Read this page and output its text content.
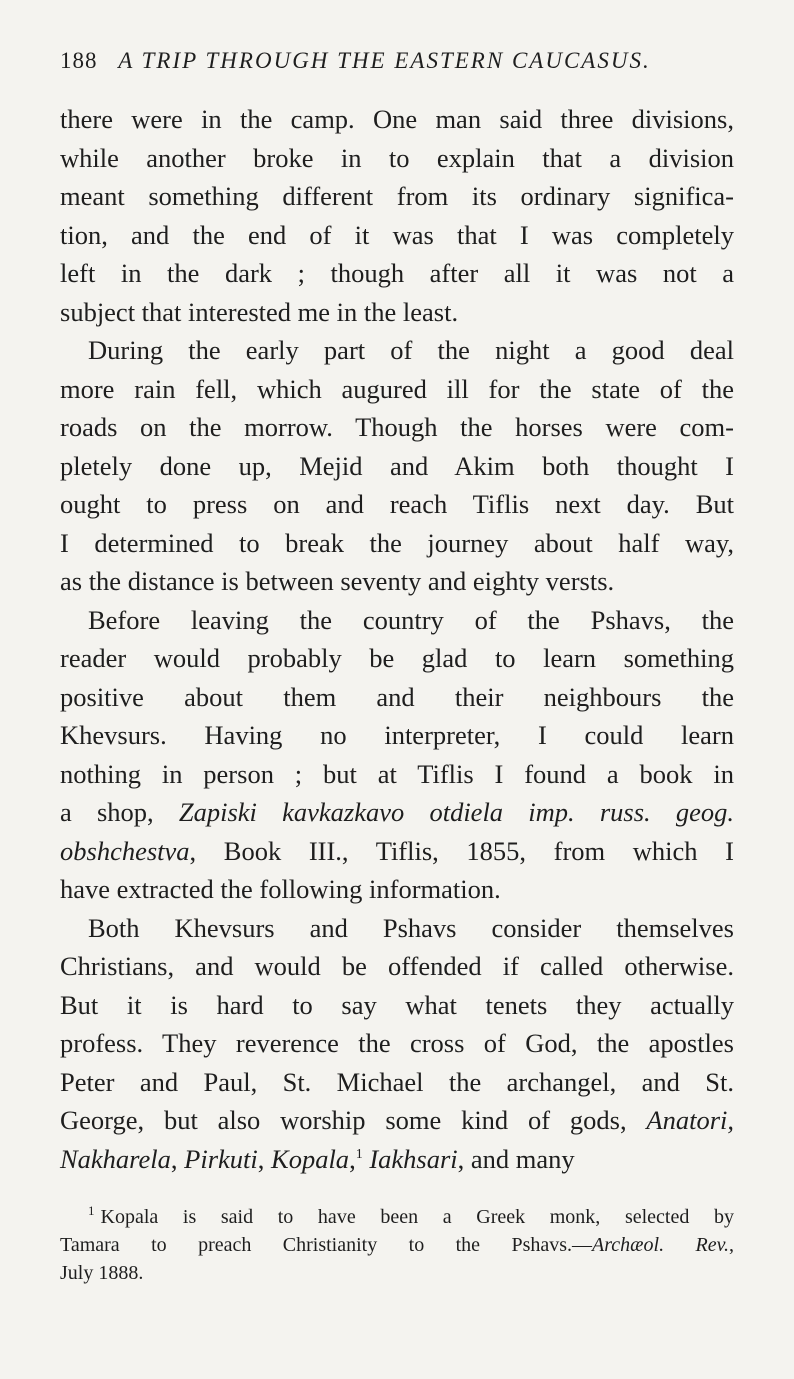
188 A TRIP THROUGH THE EASTERN CAUCASUS.

there were in the camp. One man said three divisions,
while another broke in to explain that a division
meant something different from its ordinary significa-
tion, and the end of it was that I was completely
left in the dark ; though after all it was not a
subject that interested me in the least.

During the early part of the night a good deal
more rain fell, which augured ill for the state of the
roads on the morrow. Though the horses were com-
pletely done up, Mejid and Akim both thought I
ought to press on and reach Tiflis next day. But
I determined to break the journey about half way,
as the distance is between seventy and eighty versts.

Before leaving the country of the Pshavs, the
reader would probably be glad to learn something
positive about them and their neighbours the
Khevsurs. Having no interpreter, I could learn
nothing in person ; but at Tiflis I found a book in
a shop, Zapiski kavkazkavo otdiela imp. russ. geog.
obshchestva, Book III., Tiflis, 1855, from which I
have extracted the following information.

Both Khevsurs and Pshavs consider themselves
Christians, and would be offended if called otherwise.
But it is hard to say what tenets they actually
profess. They reverence the cross of God, the apostles
Peter and Paul, St. Michael the archangel, and St.
George, but also worship some kind of gods, Anatori,
Nakharela, Pirkuti, Kopala,$^1$ Iakhsari, and many

$^1$ Kopala is said to have been a Greek monk, selected by
Tamara to preach Christianity to the Pshavs.—Archæol. Rev.,
July 1888.
